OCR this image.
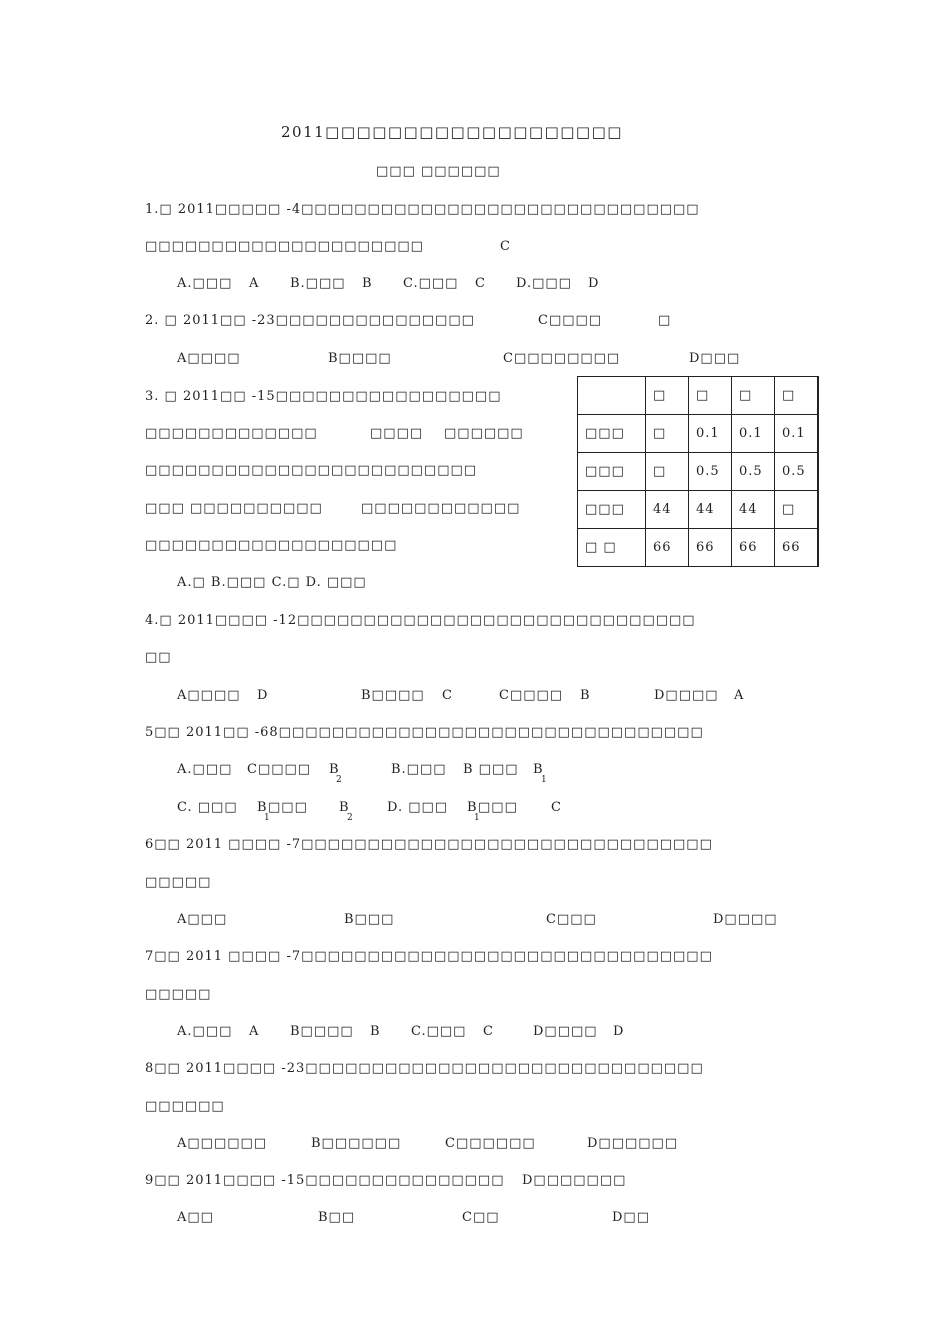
2011□□□□□□□□□□□□□□□□□□□
□□□ □□□□□□
1.□ 2011□□□□□ -4□□□□□□□□□□□□□□□□□□□□□□□□□□□□□□
□□□□□□□□□□□□□□□□□□□□□	C
A.□□□ A B.□□□ B C.□□□ C D.□□□ D
2. □ 2011□□ -23□□□□□□□□□□□□□□□	C□□□□	□
A□□□□	B□□□□	C□□□□□□□□	D□□□
3. □ 2011□□ -15□□□□□□□□□□□□□□□□□
□□□□□□□□□□□□□	□□□□ □□□□□□
□□□□□□□□□□□□□□□□□□□□□□□□□
□□□ □□□□□□□□□□	□□□□□□□□□□□□
□□□□□□□□□□□□□□□□□□□
A.□ B.□□□ C.□ D. □□□
	□	□	□	□
□□□	□	0.1	0.1	0.1
□□□	□	0.5	0.5	0.5
□□□	44	44	44	□
□ □	66	66	66	66
4.□ 2011□□□□ -12□□□□□□□□□□□□□□□□□□□□□□□□□□□□□□
□□
A□□□□ D	B□□□□ C	C□□□□ B	D□□□□ A
5□□ 2011□□ -68□□□□□□□□□□□□□□□□□□□□□□□□□□□□□□□□
A.□□□ C□□□□ B
2
B.□□□ B □□□ B
1
C. □□□ B
1
□□□ B
2
D. □□□ B
1
□□□	C
6□□ 2011 □□□□ -7□□□□□□□□□□□□□□□□□□□□□□□□□□□□□□□
□□□□□
A□□□	B□□□	C□□□	D□□□□
7□□ 2011 □□□□ -7□□□□□□□□□□□□□□□□□□□□□□□□□□□□□□□
□□□□□
A.□□□ A B□□□□ B C.□□□ C	D□□□□ D
8□□ 2011□□□□ -23□□□□□□□□□□□□□□□□□□□□□□□□□□□□□□
□□□□□□
A□□□□□□	B□□□□□□	C□□□□□□	D□□□□□□
9□□ 2011□□□□ -15□□□□□□□□□□□□□□□ D□□□□□□□
A□□	B□□	C□□	D□□
